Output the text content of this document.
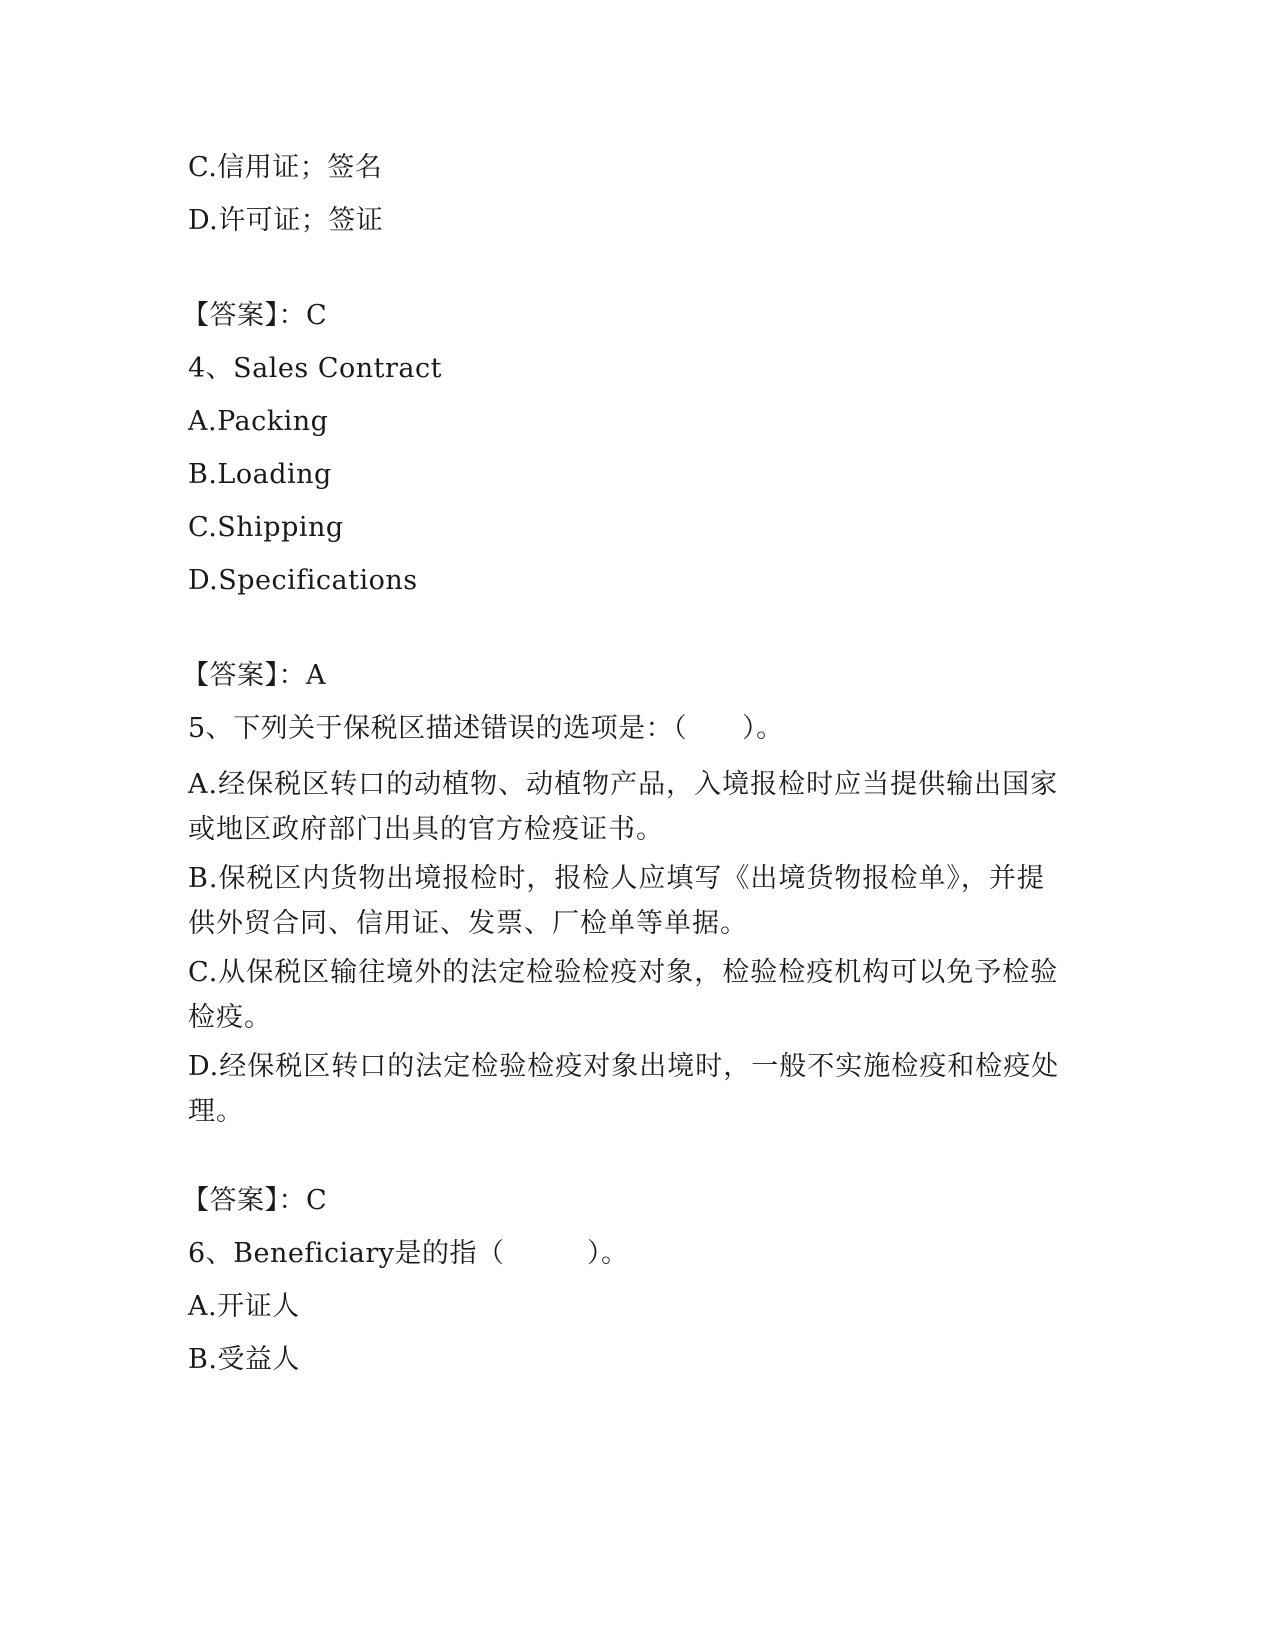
C.信用证；签名
D.许可证；签证
【答案】：C
4、Sales Contract
A.Packing
B.Loading
C.Shipping
D.Specifications
【答案】：A
5、下列关于保税区描述错误的选项是：（　　）。
A.经保税区转口的动植物、动植物产品，入境报检时应当提供输出国家或地区政府部门出具的官方检疫证书。
B.保税区内货物出境报检时，报检人应填写《出境货物报检单》，并提供外贸合同、信用证、发票、厂检单等单据。
C.从保税区输往境外的法定检验检疫对象，检验检疫机构可以免予检验检疫。
D.经保税区转口的法定检验检疫对象出境时，一般不实施检疫和检疫处理。
【答案】：C
6、Beneficiary是的指（　　　）。
A.开证人
B.受益人
